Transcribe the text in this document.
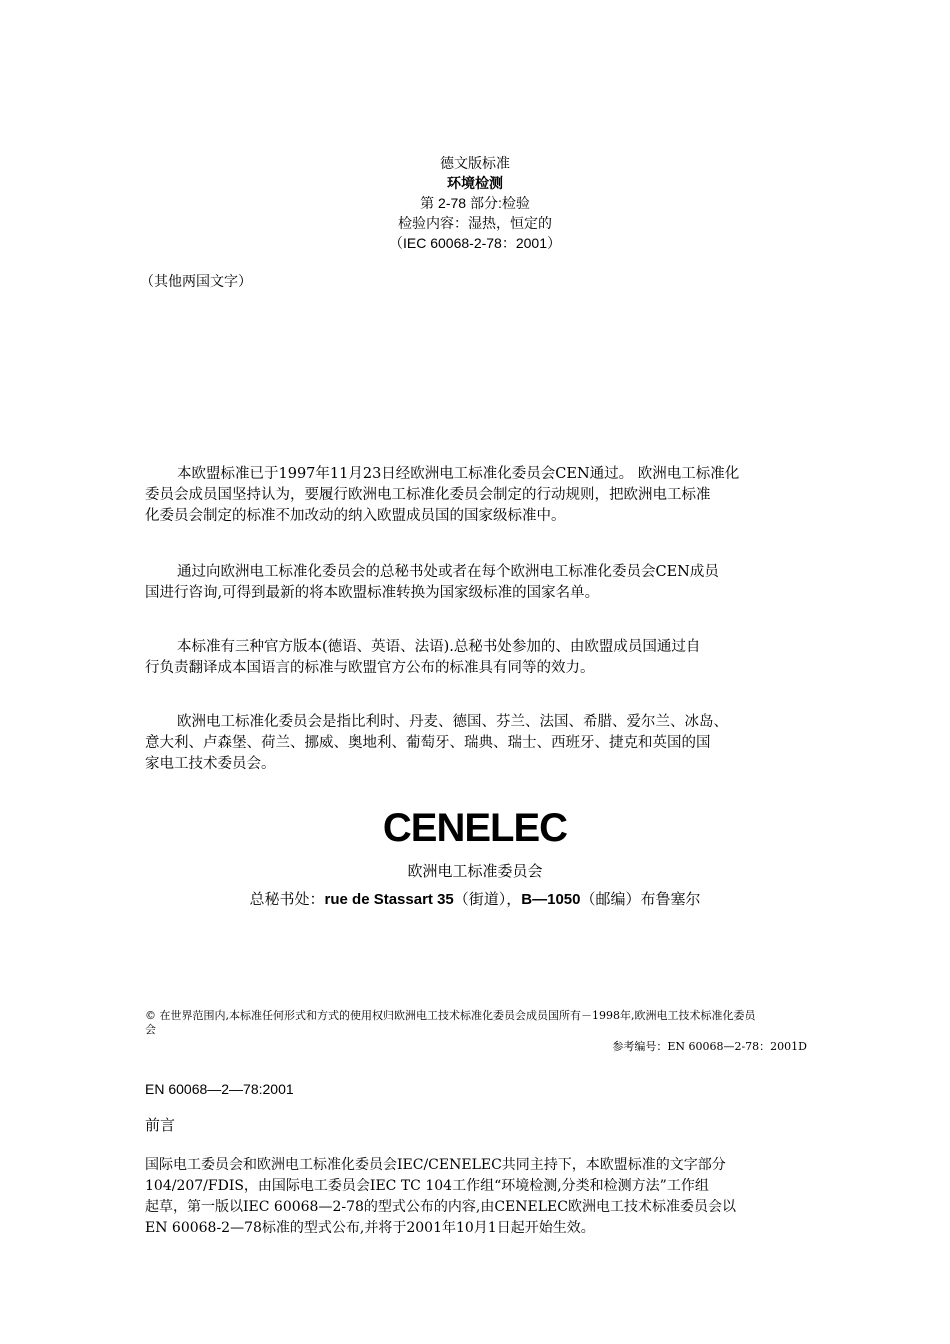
德文版标准
环境检测
第 2-78 部分:检验
检验内容：湿热，恒定的
（IEC 60068-2-78：2001）
（其他两国文字）
本欧盟标准已于1997年11月23日经欧洲电工标准化委员会CEN通过。 欧洲电工标准化
委员会成员国坚持认为，要履行欧洲电工标准化委员会制定的行动规则，把欧洲电工标准
化委员会制定的标准不加改动的纳入欧盟成员国的国家级标准中。
通过向欧洲电工标准化委员会的总秘书处或者在每个欧洲电工标准化委员会CEN成员
国进行咨询,可得到最新的将本欧盟标准转换为国家级标准的国家名单。
本标准有三种官方版本(德语、英语、法语).总秘书处参加的、由欧盟成员国通过自
行负责翻译成本国语言的标准与欧盟官方公布的标准具有同等的效力。
欧洲电工标准化委员会是指比利时、丹麦、德国、芬兰、法国、希腊、爱尔兰、冰岛、
意大利、卢森堡、荷兰、挪威、奥地利、葡萄牙、瑞典、瑞士、西班牙、捷克和英国的国
家电工技术委员会。
CENELEC
欧洲电工标准委员会
总秘书处：rue de Stassart 35（街道），B—1050（邮编）布鲁塞尔
© 在世界范围内,本标准任何形式和方式的使用权归欧洲电工技术标准化委员会成员国所有－1998年,欧洲电工技术标准化委员
会
参考编号：EN 60068—2-78：2001D
EN 60068—2—78:2001
前言
国际电工委员会和欧洲电工标准化委员会IEC/CENELEC共同主持下，本欧盟标准的文字部分
104/207/FDIS，由国际电工委员会IEC TC 104工作组“环境检测,分类和检测方法”工作组
起草，第一版以IEC 60068—2-78的型式公布的内容,由CENELEC欧洲电工技术标准委员会以
EN 60068-2—78标准的型式公布,并将于2001年10月1日起开始生效。
